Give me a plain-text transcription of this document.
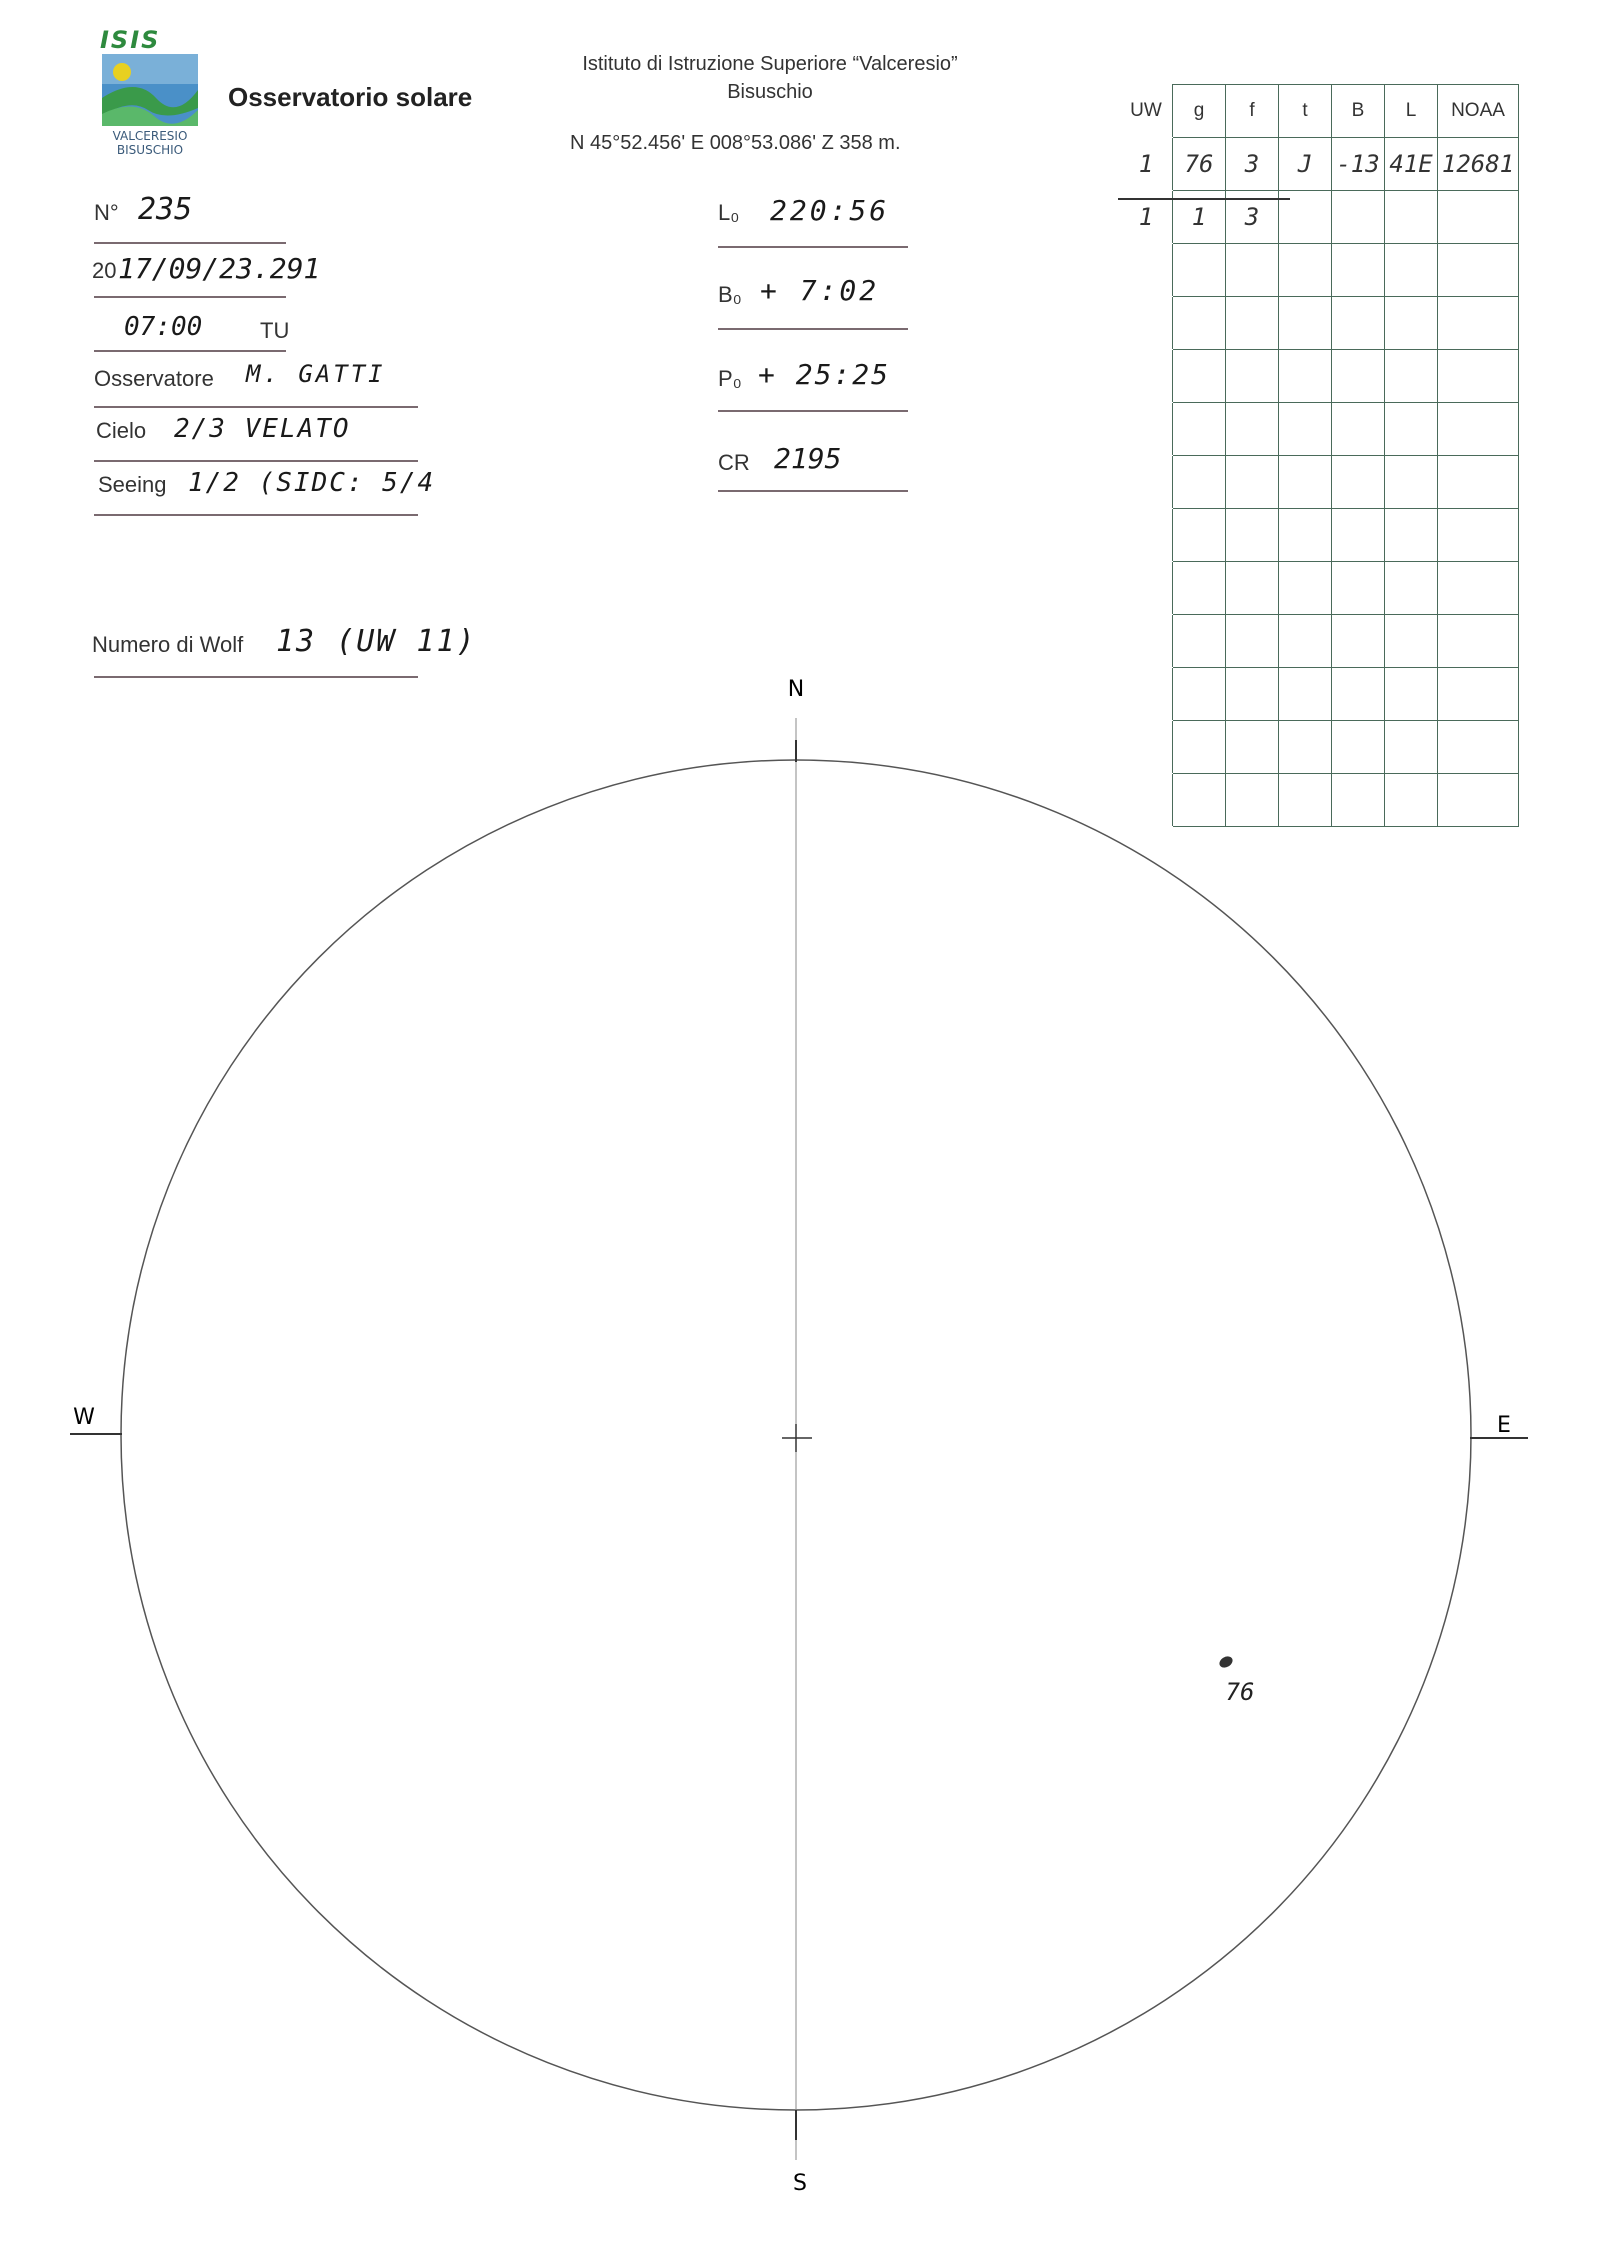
ISIS
VALCERESIO
BISUSCHIO
Osservatorio solare
Istituto di Istruzione Superiore “Valceresio”
Bisuschio
N 45°52.456' E 008°53.086' Z 358 m.
N° 235
20 17/09/23.291
07:00	TU
Osservatore M. GATTI
Cielo 2/3 VELATO
Seeing 1/2 (SIDC: 5/4
Numero di Wolf 13 (UW 11)
L₀ 220:56
B₀ + 7:02
P₀ + 25:25
CR 2195
UW	g	f	t	B	L	NOAA
1	76	3	J	-13	41E	12681
1	1	3				

N
S
W	E
76
